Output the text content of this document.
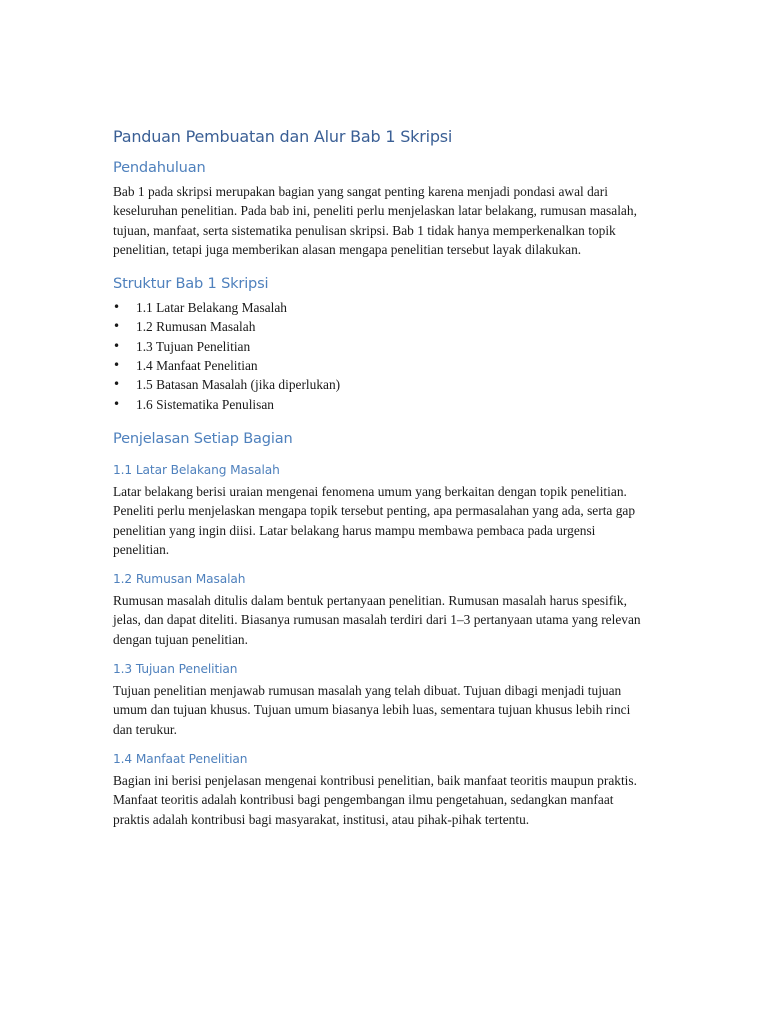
Panduan Pembuatan dan Alur Bab 1 Skripsi
Pendahuluan

Bab 1 pada skripsi merupakan bagian yang sangat penting karena menjadi pondasi awal dari keseluruhan penelitian. Pada bab ini, peneliti perlu menjelaskan latar belakang, rumusan masalah, tujuan, manfaat, serta sistematika penulisan skripsi. Bab 1 tidak hanya memperkenalkan topik penelitian, tetapi juga memberikan alasan mengapa penelitian tersebut layak dilakukan.

Struktur Bab 1 Skripsi
• 1.1 Latar Belakang Masalah
• 1.2 Rumusan Masalah
• 1.3 Tujuan Penelitian
• 1.4 Manfaat Penelitian
• 1.5 Batasan Masalah (jika diperlukan)
• 1.6 Sistematika Penulisan
Penjelasan Setiap Bagian
1.1 Latar Belakang Masalah

Latar belakang berisi uraian mengenai fenomena umum yang berkaitan dengan topik penelitian. Peneliti perlu menjelaskan mengapa topik tersebut penting, apa permasalahan yang ada, serta gap penelitian yang ingin diisi. Latar belakang harus mampu membawa pembaca pada urgensi penelitian.

1.2 Rumusan Masalah

Rumusan masalah ditulis dalam bentuk pertanyaan penelitian. Rumusan masalah harus spesifik, jelas, dan dapat diteliti. Biasanya rumusan masalah terdiri dari 1–3 pertanyaan utama yang relevan dengan tujuan penelitian.

1.3 Tujuan Penelitian

Tujuan penelitian menjawab rumusan masalah yang telah dibuat. Tujuan dibagi menjadi tujuan umum dan tujuan khusus. Tujuan umum biasanya lebih luas, sementara tujuan khusus lebih rinci dan terukur.

1.4 Manfaat Penelitian

Bagian ini berisi penjelasan mengenai kontribusi penelitian, baik manfaat teoritis maupun praktis. Manfaat teoritis adalah kontribusi bagi pengembangan ilmu pengetahuan, sedangkan manfaat praktis adalah kontribusi bagi masyarakat, institusi, atau pihak-pihak tertentu.
